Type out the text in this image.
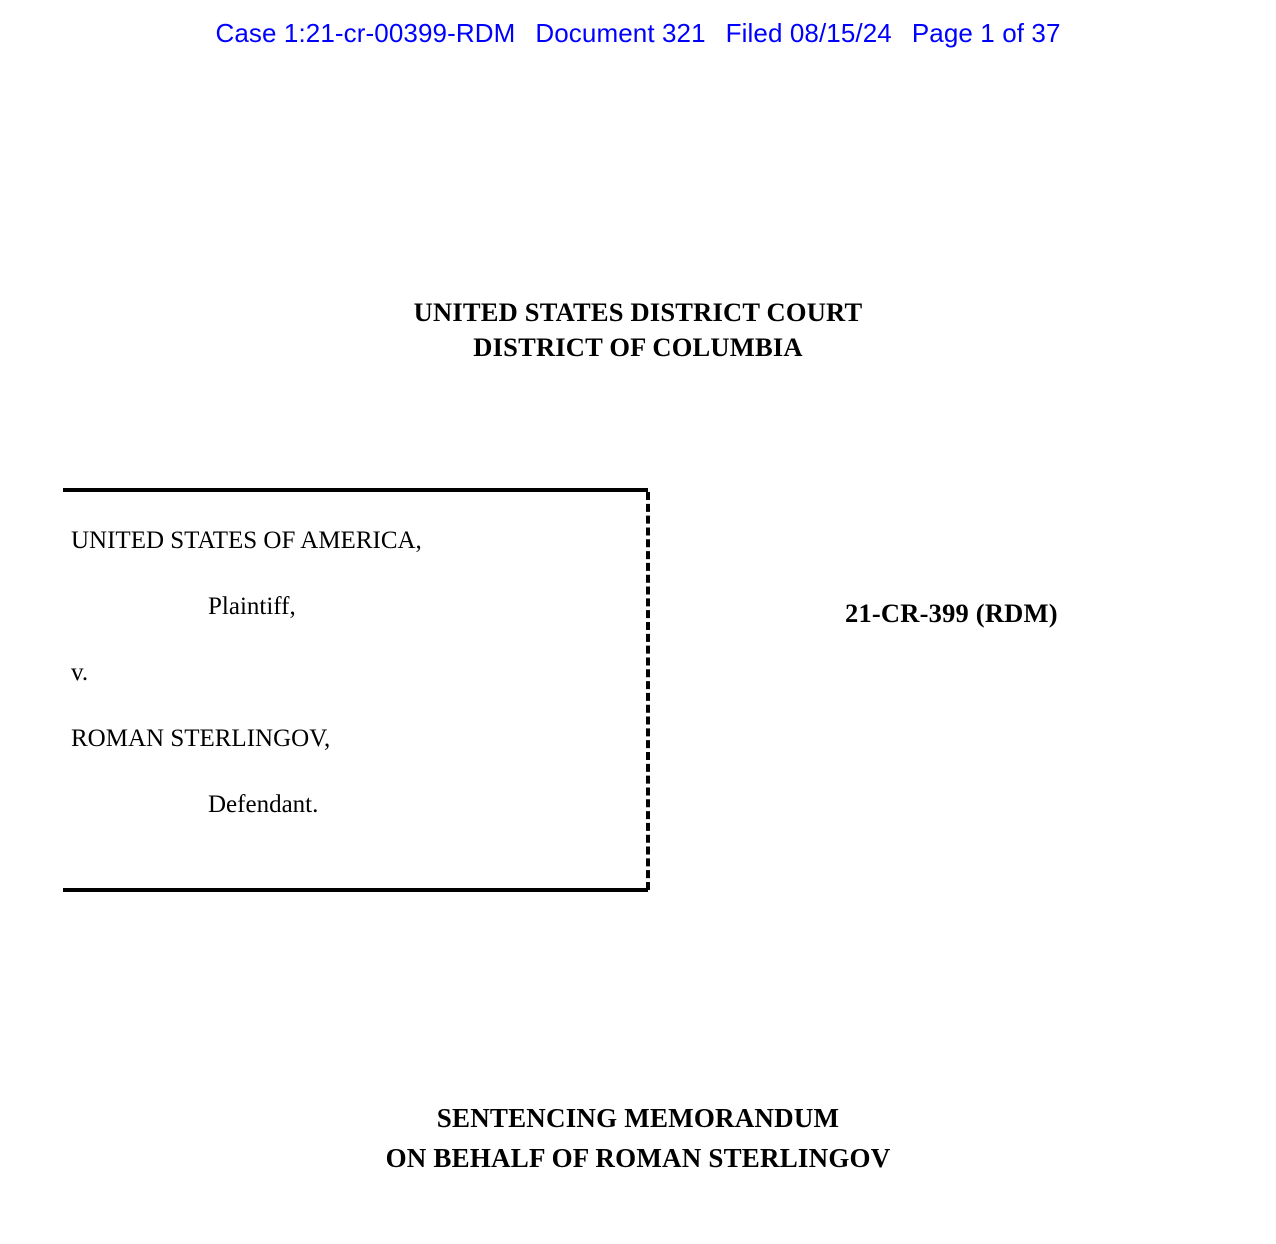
Case 1:21-cr-00399-RDM Document 321 Filed 08/15/24 Page 1 of 37
UNITED STATES DISTRICT COURT
DISTRICT OF COLUMBIA
UNITED STATES OF AMERICA,
Plaintiff,
v.
ROMAN STERLINGOV,
Defendant.
21-CR-399 (RDM)
SENTENCING MEMORANDUM
ON BEHALF OF ROMAN STERLINGOV
